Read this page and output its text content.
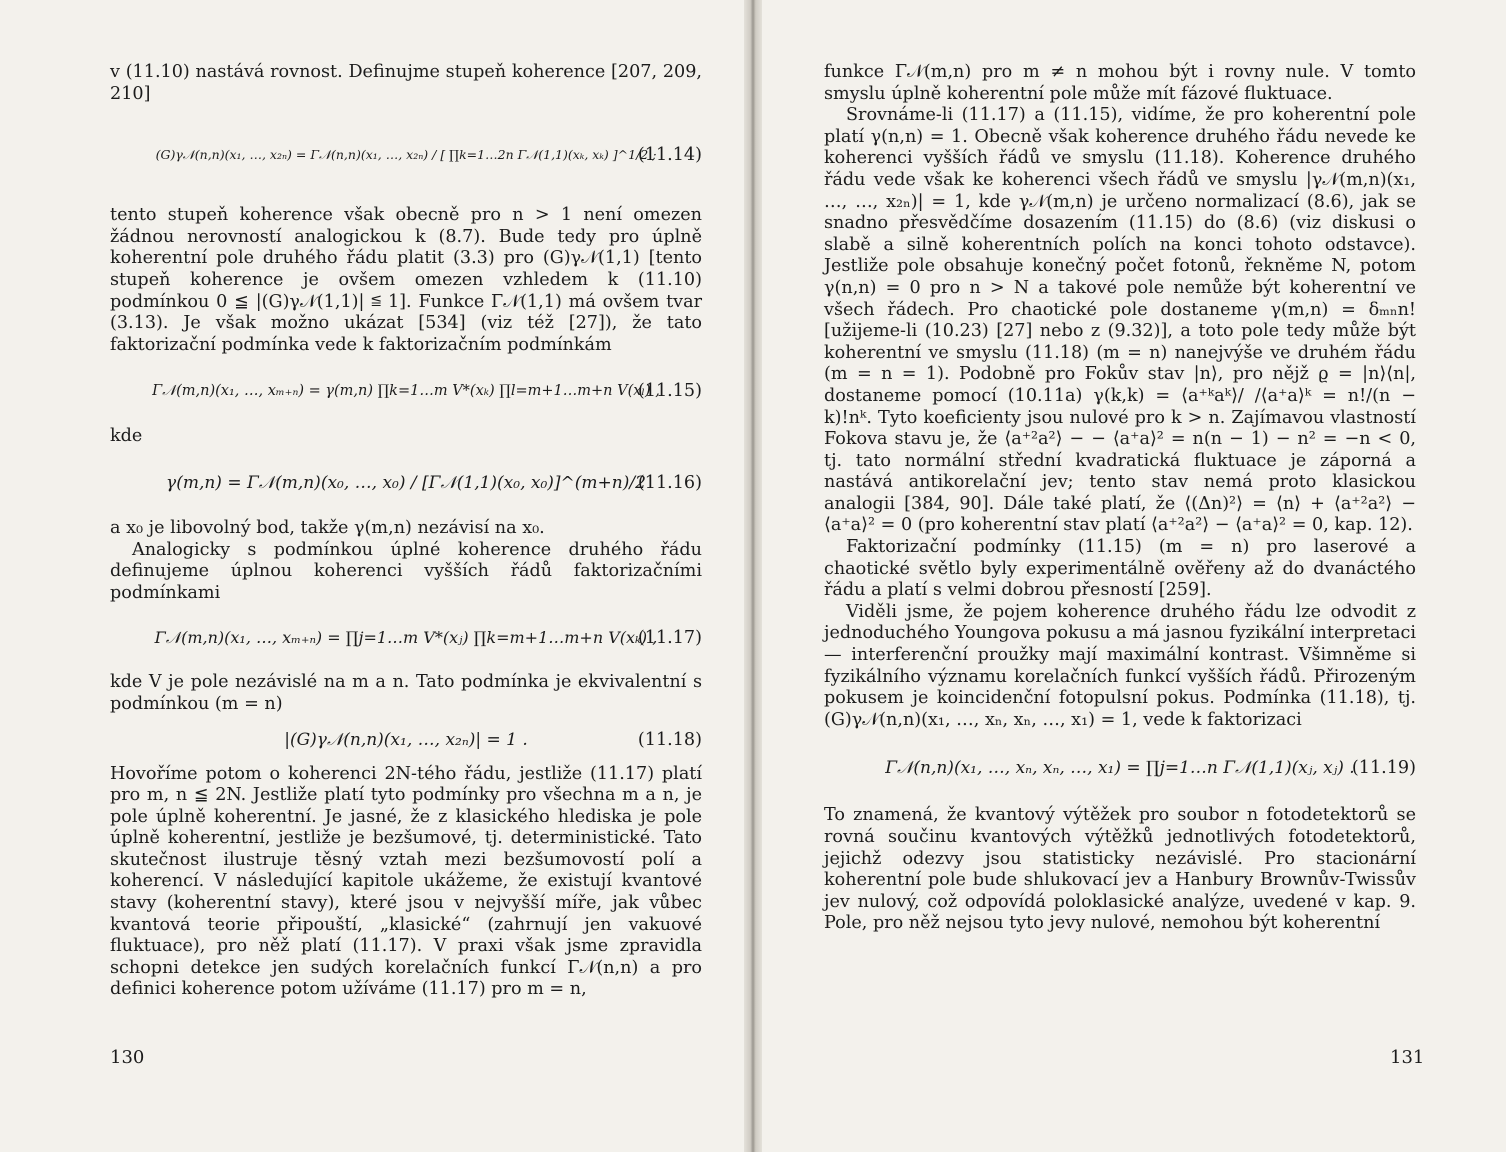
v (11.10) nastává rovnost. Definujme stupeň koherence [207, 209, 210]

(G)γ𝒩(n,n)(x₁, …, x₂ₙ) = Γ𝒩(n,n)(x₁, …, x₂ₙ) / [ ∏k=1…2n Γ𝒩(1,1)(xₖ, xₖ) ]^1/2 ;
(11.14)

tento stupeň koherence však obecně pro n > 1 není omezen žádnou nerovností analogickou k (8.7). Bude tedy pro úplně koherentní pole druhého řádu platit (3.3) pro (G)γ𝒩(1,1) [tento stupeň koherence je ovšem omezen vzhledem k (11.10) podmínkou 0 ≦ |(G)γ𝒩(1,1)| ≦ 1]. Funkce Γ𝒩(1,1) má ovšem tvar (3.13). Je však možno ukázat [534] (viz též [27]), že tato faktorizační podmínka vede k faktorizačním podmínkám

Γ𝒩(m,n)(x₁, …, xₘ₊ₙ) = γ(m,n) ∏k=1…m V*(xₖ) ∏l=m+1…m+n V(xₗ) ,
(11.15)

kde

γ(m,n) = Γ𝒩(m,n)(x₀, …, x₀) / [Γ𝒩(1,1)(x₀, x₀)]^(m+n)/2
(11.16)

a x₀ je libovolný bod, takže γ(m,n) nezávisí na x₀.

Analogicky s podmínkou úplné koherence druhého řádu definujeme úplnou koherenci vyšších řádů faktorizačními podmínkami

Γ𝒩(m,n)(x₁, …, xₘ₊ₙ) = ∏j=1…m V*(xⱼ) ∏k=m+1…m+n V(xₖ) ,
(11.17)

kde V je pole nezávislé na m a n. Tato podmínka je ekvivalentní s podmínkou (m = n)

|(G)γ𝒩(n,n)(x₁, …, x₂ₙ)| = 1 .	(11.18)

Hovoříme potom o koherenci 2N-tého řádu, jestliže (11.17) platí pro m, n ≦ 2N. Jestliže platí tyto podmínky pro všechna m a n, je pole úplně koherentní. Je jasné, že z klasického hlediska je pole úplně koherentní, jestliže je bezšumové, tj. deterministické. Tato skutečnost ilustruje těsný vztah mezi bezšumovostí polí a koherencí. V následující kapitole ukážeme, že existují kvantové stavy (koherentní stavy), které jsou v nejvyšší míře, jak vůbec kvantová teorie připouští, „klasické“ (zahrnují jen vakuové fluktuace), pro něž platí (11.17). V praxi však jsme zpravidla schopni detekce jen sudých korelačních funkcí Γ𝒩(n,n) a pro definici koherence potom užíváme (11.17) pro m = n,

130

funkce Γ𝒩(m,n) pro m ≠ n mohou být i rovny nule. V tomto smyslu úplně koherentní pole může mít fázové fluktuace.

Srovnáme-li (11.17) a (11.15), vidíme, že pro koherentní pole platí γ(n,n) = 1. Obecně však koherence druhého řádu nevede ke koherenci vyšších řádů ve smyslu (11.18). Koherence druhého řádu vede však ke koherenci všech řádů ve smyslu |γ𝒩(m,n)(x₁, …, …, x₂ₙ)| = 1, kde γ𝒩(m,n) je určeno normalizací (8.6), jak se snadno přesvědčíme dosazením (11.15) do (8.6) (viz diskusi o slabě a silně koherentních polích na konci tohoto odstavce). Jestliže pole obsahuje konečný počet fotonů, řekněme N, potom γ(n,n) = 0 pro n > N a takové pole nemůže být koherentní ve všech řádech. Pro chaotické pole dostaneme γ(m,n) = δₘₙn! [užijeme-li (10.23) [27] nebo z (9.32)], a toto pole tedy může být koherentní ve smyslu (11.18) (m = n) nanejvýše ve druhém řádu (m = n = 1). Podobně pro Fokův stav |n⟩, pro nějž ϱ = |n⟩⟨n|, dostaneme pomocí (10.11a) γ(k,k) = ⟨a⁺ᵏaᵏ⟩/ /⟨a⁺a⟩ᵏ = n!/(n − k)!nᵏ. Tyto koeficienty jsou nulové pro k > n. Zajímavou vlastností Fokova stavu je, že ⟨a⁺²a²⟩ − − ⟨a⁺a⟩² = n(n − 1) − n² = −n < 0, tj. tato normální střední kvadratická fluktuace je záporná a nastává antikorelační jev; tento stav nemá proto klasickou analogii [384, 90]. Dále také platí, že ⟨(Δn)²⟩ = ⟨n⟩ + ⟨a⁺²a²⟩ − ⟨a⁺a⟩² = 0 (pro koherentní stav platí ⟨a⁺²a²⟩ − ⟨a⁺a⟩² = 0, kap. 12).

Faktorizační podmínky (11.15) (m = n) pro laserové a chaotické světlo byly experimentálně ověřeny až do dvanáctého řádu a platí s velmi dobrou přesností [259].

Viděli jsme, že pojem koherence druhého řádu lze odvodit z jednoduchého Youngova pokusu a má jasnou fyzikální interpretaci — interferenční proužky mají maximální kontrast. Všimněme si fyzikálního významu korelačních funkcí vyšších řádů. Přirozeným pokusem je koincidenční fotopulsní pokus. Podmínka (11.18), tj. (G)γ𝒩(n,n)(x₁, …, xₙ, xₙ, …, x₁) = 1, vede k faktorizaci

Γ𝒩(n,n)(x₁, …, xₙ, xₙ, …, x₁) = ∏j=1…n Γ𝒩(1,1)(xⱼ, xⱼ) .
(11.19)

To znamená, že kvantový výtěžek pro soubor n fotodetektorů se rovná součinu kvantových výtěžků jednotlivých fotodetektorů, jejichž odezvy jsou statisticky nezávislé. Pro stacionární koherentní pole bude shlukovací jev a Hanbury Brownův-Twissův jev nulový, což odpovídá poloklasické analýze, uvedené v kap. 9. Pole, pro něž nejsou tyto jevy nulové, nemohou být koherentní

131
